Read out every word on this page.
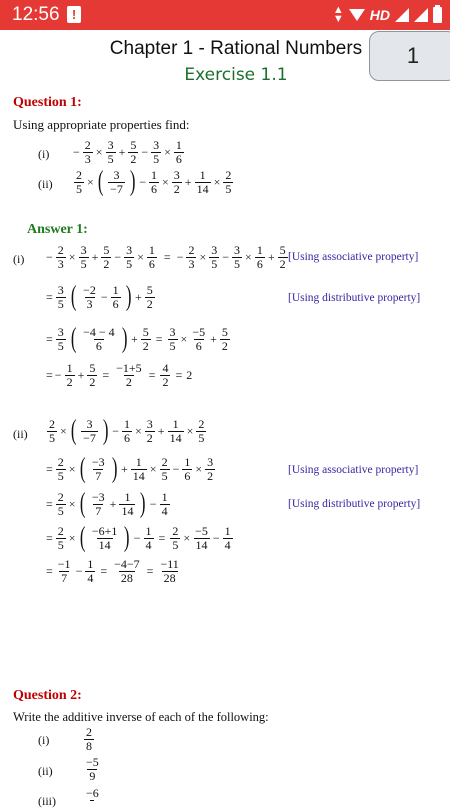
12:56 !	▲
▼ HD
Chapter 1 - Rational Numbers
Exercise 1.1
1
Question 1:
Using appropriate properties find:
$(i) - \frac{2}{3} \times \frac{3}{5} + \frac{5}{2} - \frac{3}{5} \times \frac{1}{6}$
$(ii) \frac{2}{5}$ × ( 3
−7 ) − $\frac{1}{6} \times \frac{3}{2} + \frac{1}{14} \times \frac{2}{5}$
Answer 1:
$(i) - \frac{2}{3} \times \frac{3}{5} + \frac{5}{2} - \frac{3}{5} \times \frac{1}{6}$ = − $\frac{2}{3} \times \frac{3}{5} - \frac{3}{5} \times \frac{1}{6} + \frac{5}{2} [Using$ associative property]
= $\frac{3}{5}$ ( −2
$3 - \frac{1}{6}$ ) + $\frac{5}{2}$	[Using distributive property]
= $\frac{3}{5}$ ( −4 − 4
6 ) + $\frac{5}{2} = \frac{3}{5} \times \frac{-5}{6} + \frac{5}{2}$
= − $\frac{1}{2} + \frac{5}{2} = \frac{-1+5}{2} = \frac{4}{2} = 2$
$(ii) \frac{2}{5}$ × ( 3
−7 ) − $\frac{1}{6} \times \frac{3}{2} + \frac{1}{14} \times \frac{2}{5}$
= $\frac{2}{5}$ × ( −3
7 ) + $\frac{1}{14} \times \frac{2}{5} - \frac{1}{6} \times \frac{3}{2}$	[Using associative property]
= $\frac{2}{5}$ × ( −3
$7 + \frac{1}{14}$ ) − $\frac{1}{4}$	[Using distributive property]
= $\frac{2}{5}$ × ( −6+1
14 ) − $\frac{1}{4} = \frac{2}{5} \times \frac{-5}{14} - \frac{1}{4}$
= $\frac{-1}{7} - \frac{1}{4} = \frac{-4-7}{28} = \frac{-11}{28}$
Question 2:
Write the additive inverse of each of the following:
(i)
2
8
(ii)
−5
9
(iii)
−6
